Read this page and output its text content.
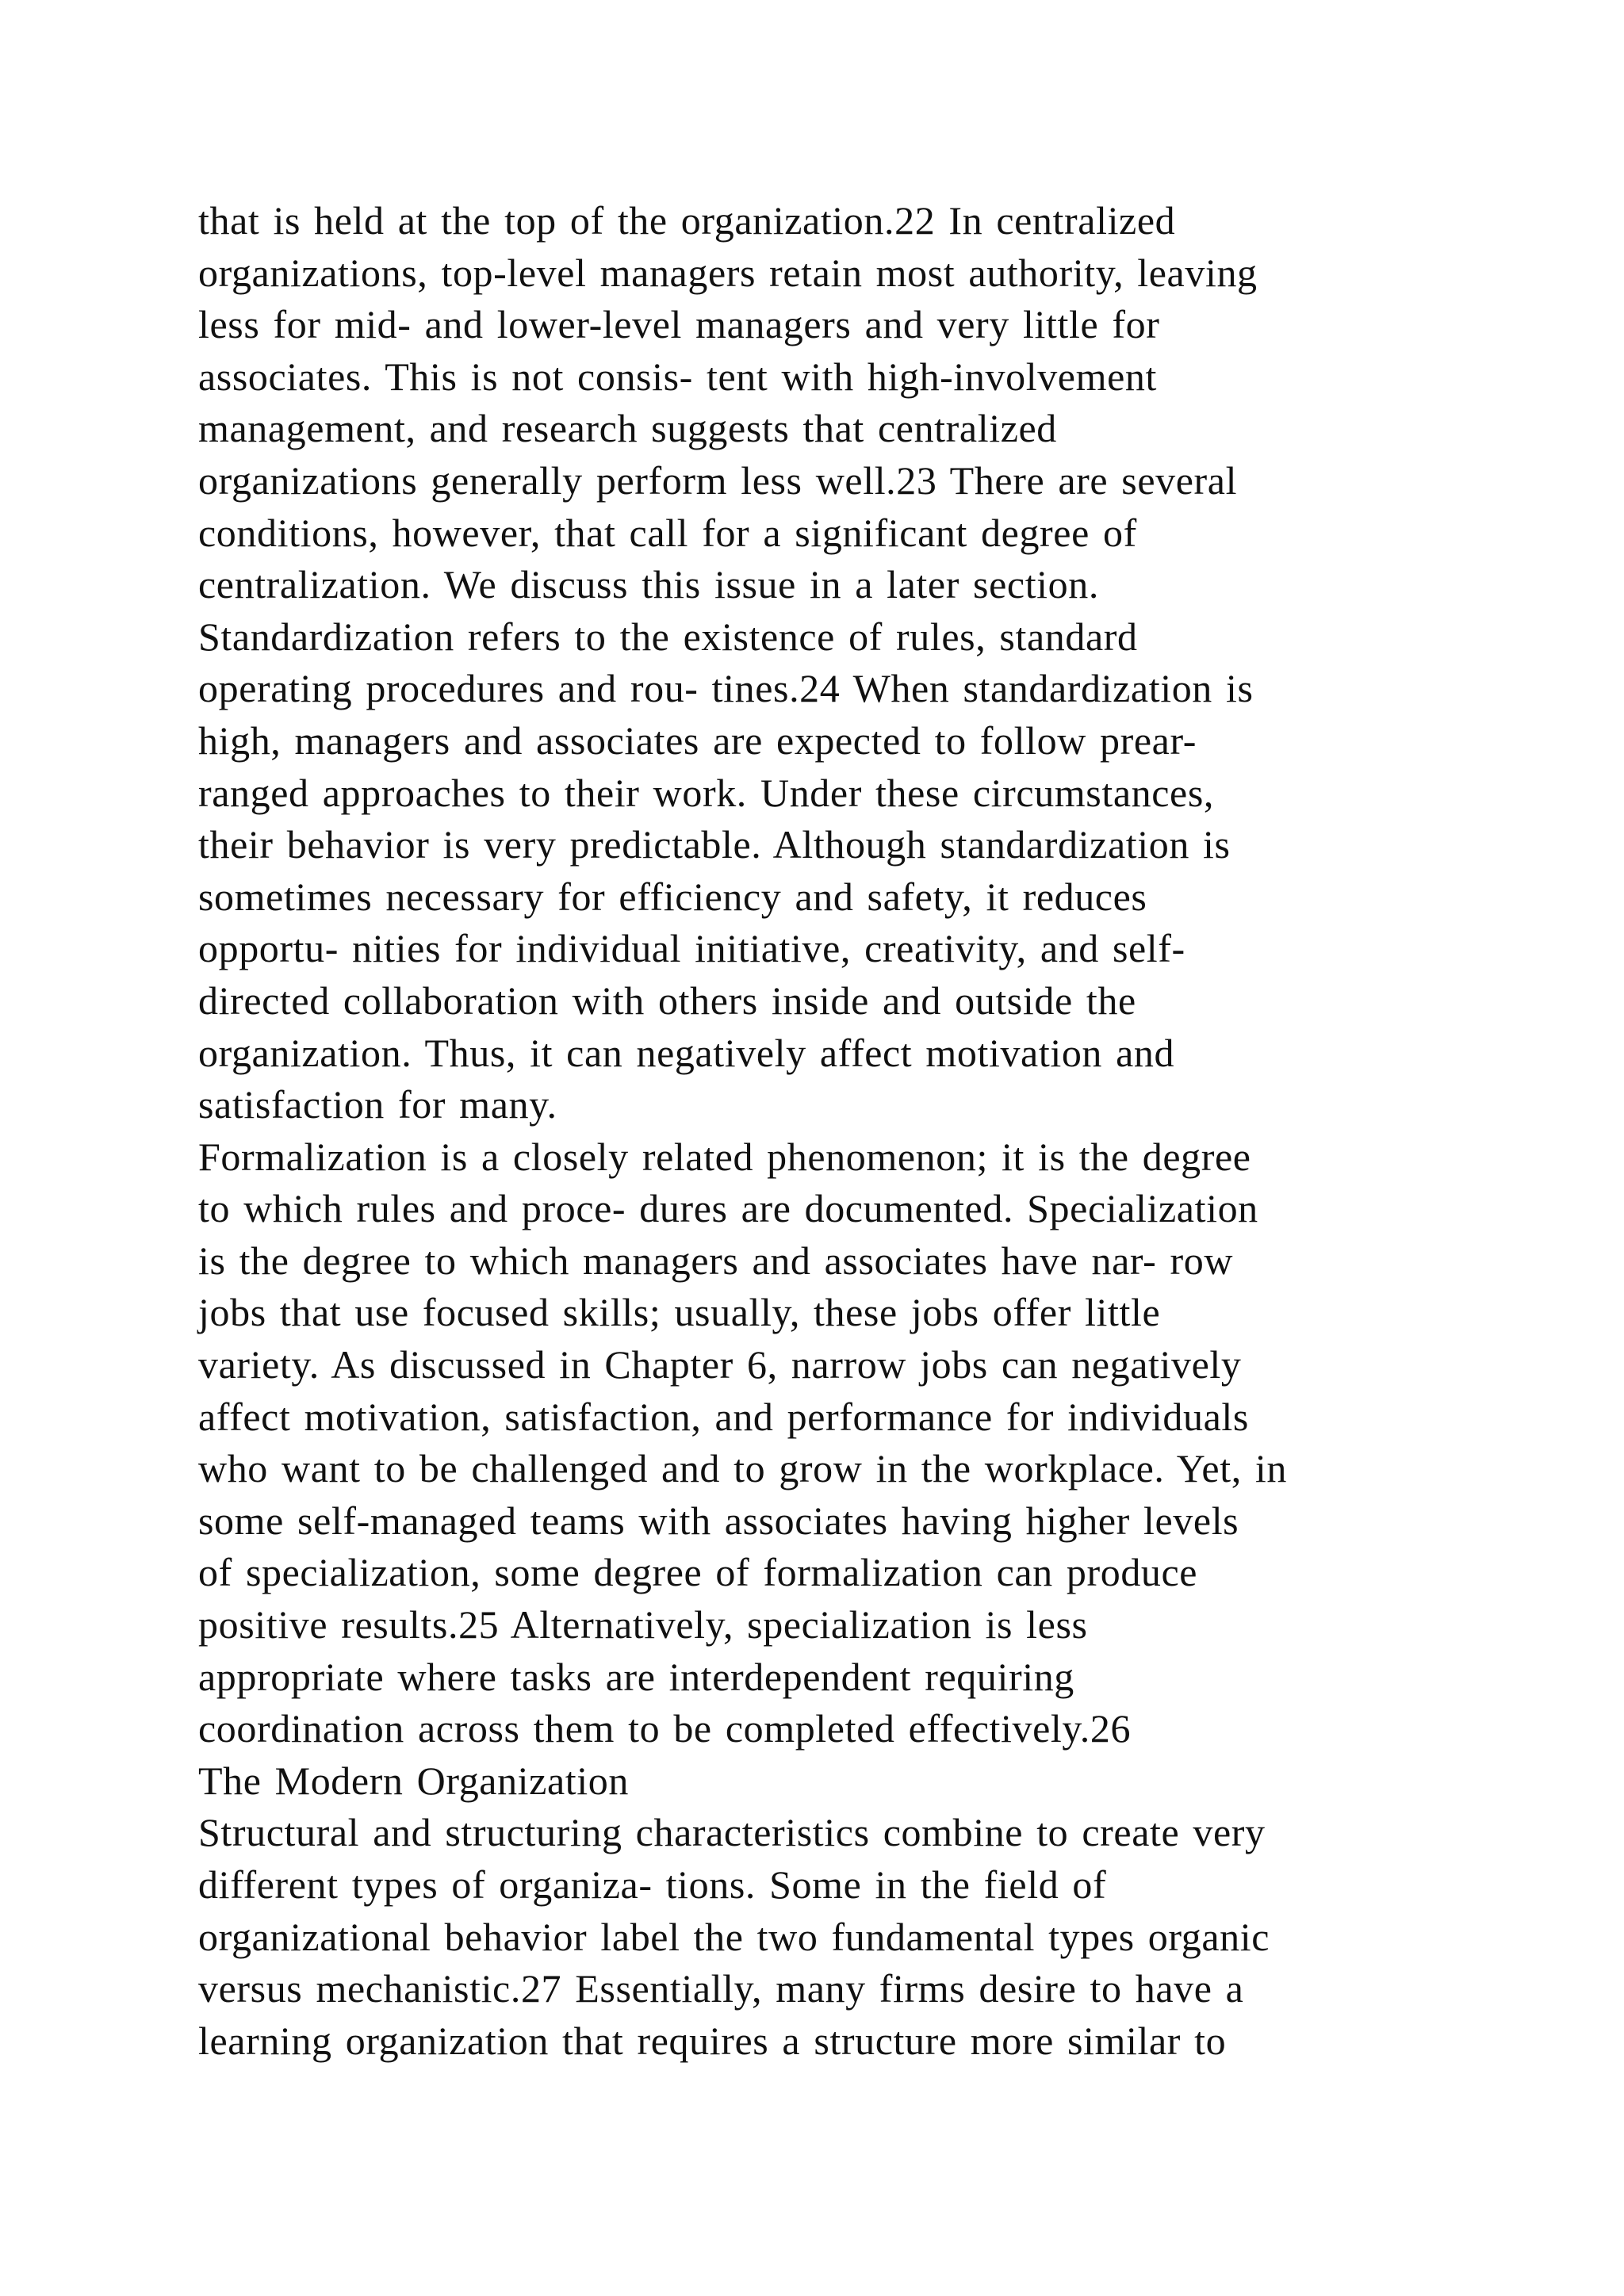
that is held at the top of the organization.22 In centralized
organizations, top-level managers retain most authority, leaving
less for mid- and lower-level managers and very little for
associates. This is not consis- tent with high-involvement
management, and research suggests that centralized
organizations generally perform less well.23 There are several
conditions, however, that call for a significant degree of
centralization. We discuss this issue in a later section.
Standardization refers to the existence of rules, standard
operating procedures and rou- tines.24 When standardization is
high, managers and associates are expected to follow prear-
ranged approaches to their work. Under these circumstances,
their behavior is very predictable. Although standardization is
sometimes necessary for efficiency and safety, it reduces
opportu- nities for individual initiative, creativity, and self-
directed collaboration with others inside and outside the
organization. Thus, it can negatively affect motivation and
satisfaction for many.
Formalization is a closely related phenomenon; it is the degree
to which rules and proce- dures are documented. Specialization
is the degree to which managers and associates have nar- row
jobs that use focused skills; usually, these jobs offer little
variety. As discussed in Chapter 6, narrow jobs can negatively
affect motivation, satisfaction, and performance for individuals
who want to be challenged and to grow in the workplace. Yet, in
some self-managed teams with associates having higher levels
of specialization, some degree of formalization can produce
positive results.25 Alternatively, specialization is less
appropriate where tasks are interdependent requiring
coordination across them to be completed effectively.26
The Modern Organization
Structural and structuring characteristics combine to create very
different types of organiza- tions. Some in the field of
organizational behavior label the two fundamental types organic
versus mechanistic.27 Essentially, many firms desire to have a
learning organization that requires a structure more similar to
